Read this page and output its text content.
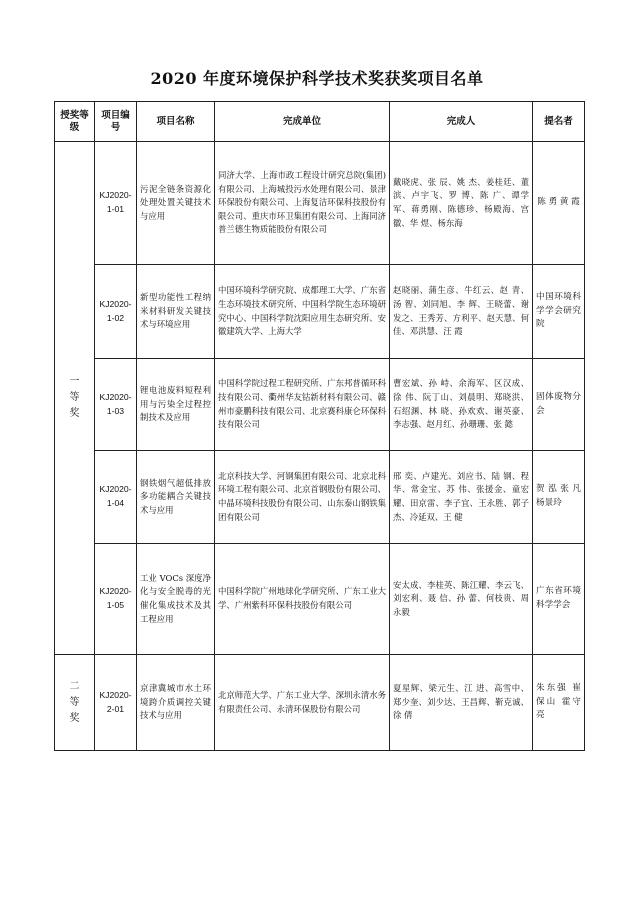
2020 年度环境保护科学技术奖获奖项目名单
授奖等级	项目编号	项目名称	完成单位	完成人	提名者

一等奖	KJ2020-1-01	污泥全链条资源化处理处置关键技术与应用	同济大学、上海市政工程设计研究总院(集团)有限公司、上海城投污水处理有限公司、景津环保股份有限公司、上海复洁环保科技股份有限公司、重庆市环卫集团有限公司、上海同济普兰德生物质能股份有限公司	戴晓虎、张 辰、姚 杰、姜桂廷、董 滨、卢宇飞、罗 博、陈 广、谭学军、蒋勇刚、陈德珍、杨殿海、宫 徽、华 煜、杨东海	陈 勇 黄 霞
	KJ2020-1-02	新型功能性工程纳米材料研发关键技术与环境应用	中国环境科学研究院、成都理工大学、广东省生态环境技术研究所、中国科学院生态环境研究中心、中国科学院沈阳应用生态研究所、安徽建筑大学、上海大学	赵晓丽、蒲生彦、牛红云、赵 青、汤 智、刘同旭、李 辉、王晓蕾、谢发之、王秀芳、方利平、赵天慧、何 佳、邓洪慧、汪 霞	中国环境科学学会研究院
	KJ2020-1-03	锂电池废料短程利用与污染全过程控制技术及应用	中国科学院过程工程研究所、广东邦普循环科技有限公司、衢州华友钴新材料有限公司、赣州市豪鹏科技有限公司、北京赛科康仑环保科技有限公司	曹宏斌、孙 峙、余海军、区汉成、徐 伟、阮丁山、刘晨明、郑晓洪、石绍渊、林 晓、孙欢欢、谢英豪、李志强、赵月红、孙珊珊、张 懿	固体废物分会
	KJ2020-1-04	钢铁烟气超低排放多功能耦合关键技术与应用	北京科技大学、河钢集团有限公司、北京北科环境工程有限公司、北京首钢股份有限公司、中晶环境科技股份有限公司、山东泰山钢铁集团有限公司	邢 奕、卢建光、刘应书、陆 钢、程 华、常金宝、苏 伟、张援金、童宏耀、田京雷、李子宜、王永胜、郭子杰、冷延双、王 健	贺 泓 张 凡 杨景玲
	KJ2020-1-05	工业 VOCs 深度净化与安全脱毒的光催化集成技术及其工程应用	中国科学院广州地球化学研究所、广东工业大学、广州紫科环保科技股份有限公司	安太成、李桂英、陈江耀、李云飞、刘宏利、聂 信、孙 蕾、何枝贵、周永毅	广东省环境科学学会

二等奖	KJ2020-2-01	京津冀城市水土环境跨介质调控关键技术与应用	北京师范大学、广东工业大学、深圳永清水务有限责任公司、永清环保股份有限公司	夏星辉、梁元生、江 进、高雪中、郑少奎、刘少达、王昌辉、靳克诚、徐 倩	朱东强 崔保山 霍守亮
